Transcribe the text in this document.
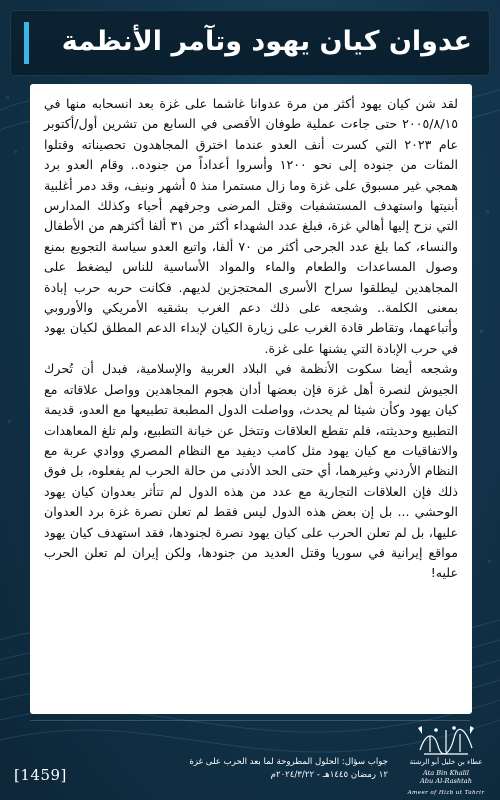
عدوان كيان يهود وتآمر الأنظمة

لقد شن كيان يهود أكثر من مرة عدوانا غاشما على غزة بعد انسحابه منها في ٢٠٠٥/٨/١٥ حتى جاءت عملية طوفان الأقصى في السابع من تشرين أول/أكتوبر عام ٢٠٢٣ التي كسرت أنف العدو عندما اخترق المجاهدون تحصيناته وقتلوا المئات من جنوده إلى نحو ١٢٠٠ وأسروا أعداداً من جنوده.. وقام العدو برد همجي غير مسبوق على غزة وما زال مستمرا منذ ٥ أشهر ونيف، وقد دمر أغلبية أبنيتها واستهدف المستشفيات وقتل المرضى وجرفهم أحياء وكذلك المدارس التي نزح إليها أهالي غزة، فبلغ عدد الشهداء أكثر من ٣١ ألفا أكثرهم من الأطفال والنساء، كما بلغ عدد الجرحى أكثر من ٧٠ ألفا، واتبع العدو سياسة التجويع بمنع وصول المساعدات والطعام والماء والمواد الأساسية للناس ليضغط على المجاهدين ليطلقوا سراح الأسرى المحتجزين لديهم. فكانت حربه حرب إبادة بمعنى الكلمة.. وشجعه على ذلك دعم الغرب بشقيه الأمريكي والأوروبي وأتباعهما، وتقاطر قادة الغرب على زيارة الكيان لإبداء الدعم المطلق لكيان يهود في حرب الإبادة التي يشنها على غزة.

وشجعه أيضا سكوت الأنظمة في البلاد العربية والإسلامية، فبدل أن تُحرك الجيوش لنصرة أهل غزة فإن بعضها أدان هجوم المجاهدين وواصل علاقاته مع كيان يهود وكأن شيئا لم يحدث، وواصلت الدول المطبعة تطبيعها مع العدو، قديمة التطبيع وحديثته، فلم تقطع العلاقات وتتخل عن خيانة التطبيع، ولم تلغ المعاهدات والاتفاقيات مع كيان يهود مثل كامب ديفيد مع النظام المصري ووادي عربة مع النظام الأردني وغيرهما، أي حتى الحد الأدنى من حالة الحرب لم يفعلوه، بل فوق ذلك فإن العلاقات التجارية مع عدد من هذه الدول لم تتأثر بعدوان كيان يهود الوحشي ... بل إن بعض هذه الدول ليس فقط لم تعلن نصرة غزة برد العدوان عليها، بل لم تعلن الحرب على كيان يهود نصرة لجنودها، فقد استهدف كيان يهود مواقع إيرانية في سوريا وقتل العديد من جنودها، ولكن إيران لم تعلن الحرب عليه!

[1459]
جواب سؤال: الحلول المطروحة لما بعد الحرب على غزة
١٢ رمضان ١٤٤٥هـ - ٢٠٢٤/٣/٢٢م
عطاء بن خليل أبو الرشتة
Ata Bin Khalil
Abu Al-Rashtah
Ameer of Hizb ut Tahrir
